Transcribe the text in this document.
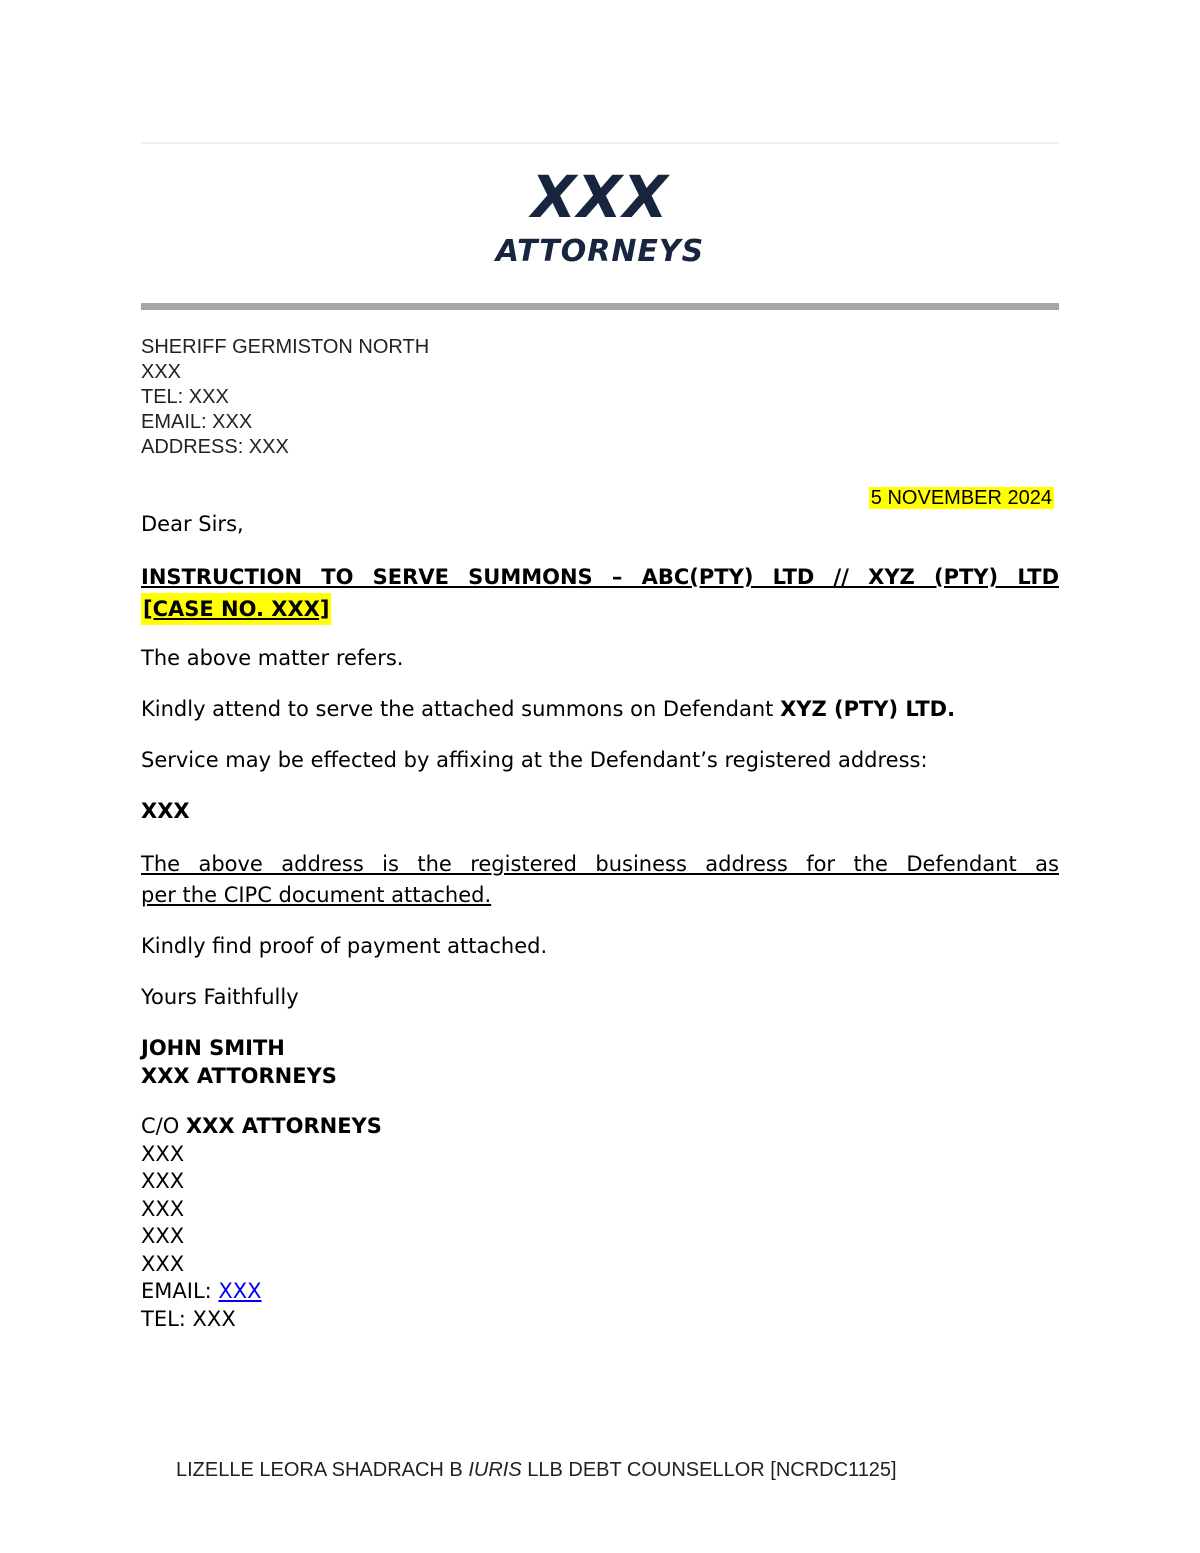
XXX
ATTORNEYS
SHERIFF GERMISTON NORTH
XXX
TEL: XXX
EMAIL: XXX
ADDRESS: XXX
5 NOVEMBER 2024
Dear Sirs,
INSTRUCTION TO SERVE SUMMONS – ABC(PTY) LTD // XYZ (PTY) LTD
[CASE NO. XXX]
The above matter refers.
Kindly attend to serve the attached summons on Defendant XYZ (PTY) LTD.
Service may be effected by affixing at the Defendant’s registered address:
XXX
The above address is the registered business address for the Defendant as
per the CIPC document attached.
Kindly find proof of payment attached.
Yours Faithfully
JOHN SMITH
XXX ATTORNEYS
C/O XXX ATTORNEYS
XXX
XXX
XXX
XXX
XXX
EMAIL: XXX
TEL: XXX
LIZELLE LEORA SHADRACH B IURIS LLB DEBT COUNSELLOR [NCRDC1125]
